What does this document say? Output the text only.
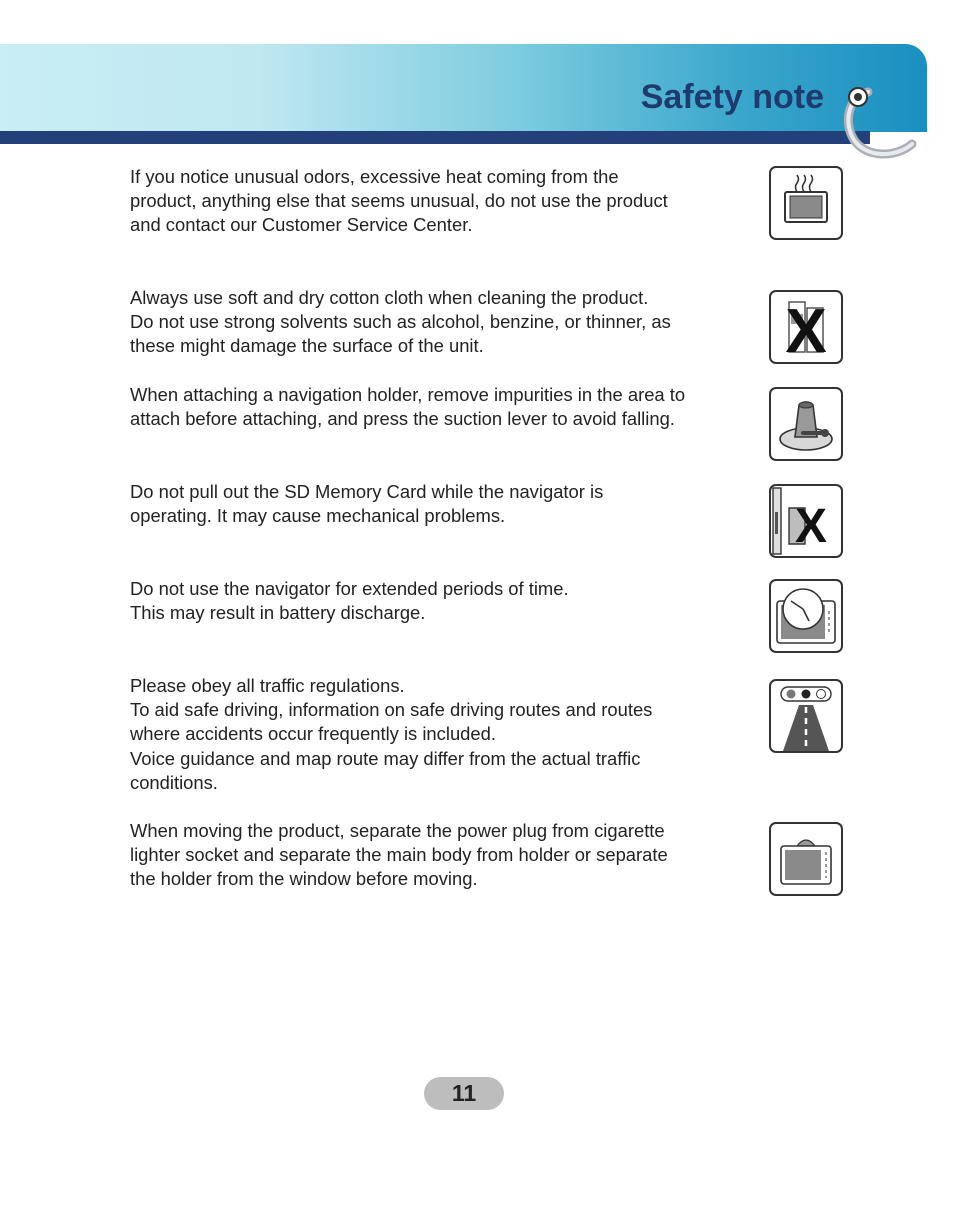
Safety note

If you notice unusual odors, excessive heat coming from the

product, anything else that seems unusual, do not use the product

and contact our Customer Service Center.

Always use soft and dry cotton cloth when cleaning the product.

Do not use strong solvents such as alcohol, benzine, or thinner, as

these might damage the surface of the unit.	X

When attaching a navigation holder, remove impurities in the area to

attach before attaching, and press the suction lever to avoid falling.

Do not pull out the SD Memory Card while the navigator is

operating. It may cause mechanical problems.	X

Do not use the navigator for extended periods of time.

This may result in battery discharge.

Please obey all traffic regulations.

To aid safe driving, information on safe driving routes and routes

where accidents occur frequently is included.

Voice guidance and map route may differ from the actual traffic

conditions.

When moving the product, separate the power plug from cigarette

lighter socket and separate the main body from holder or separate

the holder from the window before moving.

11
